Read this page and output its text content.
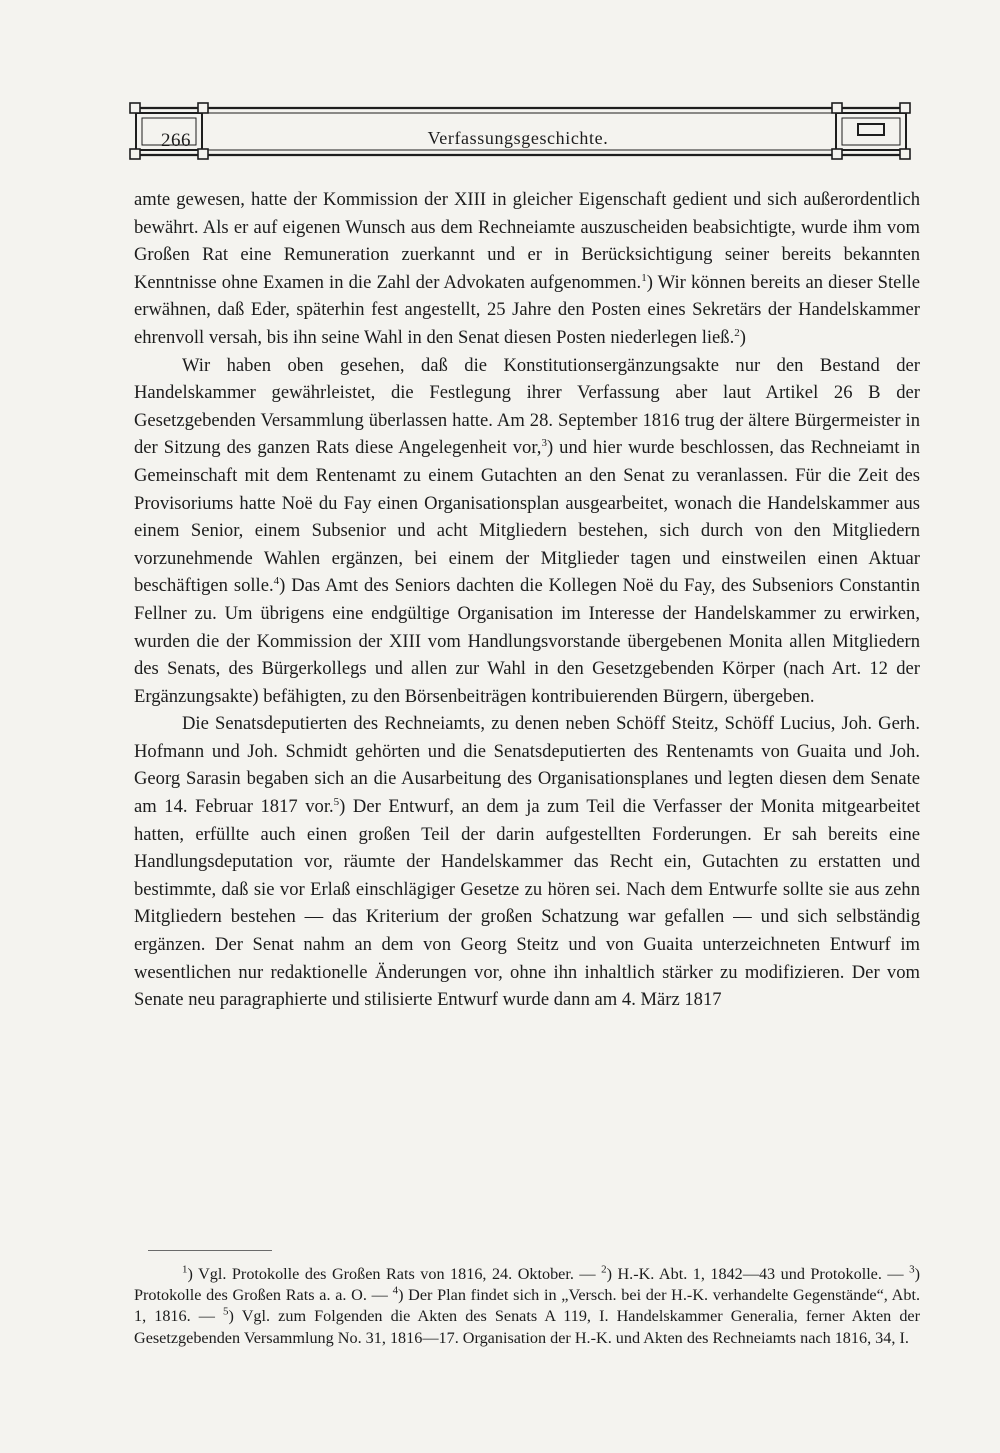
266	Verfassungsgeschichte.

amte gewesen, hatte der Kommission der XIII in gleicher Eigenschaft gedient und sich außerordentlich bewährt. Als er auf eigenen Wunsch aus dem Rechneiamte auszuscheiden beabsichtigte, wurde ihm vom Großen Rat eine Remuneration zuerkannt und er in Berücksichtigung seiner bereits bekannten Kenntnisse ohne Examen in die Zahl der Advokaten aufgenommen.$^1$) Wir können bereits an dieser Stelle erwähnen, daß Eder, späterhin fest angestellt, 25 Jahre den Posten eines Sekretärs der Handelskammer ehrenvoll versah, bis ihn seine Wahl in den Senat diesen Posten niederlegen ließ.$^2$)

Wir haben oben gesehen, daß die Konstitutionsergänzungsakte nur den Bestand der Handelskammer gewährleistet, die Festlegung ihrer Verfassung aber laut Artikel 26 B der Gesetzgebenden Versammlung überlassen hatte. Am 28. September 1816 trug der ältere Bürgermeister in der Sitzung des ganzen Rats diese Angelegenheit vor,$^3$) und hier wurde beschlossen, das Rechneiamt in Gemeinschaft mit dem Rentenamt zu einem Gutachten an den Senat zu veranlassen. Für die Zeit des Provisoriums hatte Noë du Fay einen Organisationsplan ausgearbeitet, wonach die Handelskammer aus einem Senior, einem Subsenior und acht Mitgliedern bestehen, sich durch von den Mitgliedern vorzunehmende Wahlen ergänzen, bei einem der Mitglieder tagen und einstweilen einen Aktuar beschäftigen solle.$^4$) Das Amt des Seniors dachten die Kollegen Noë du Fay, des Subseniors Constantin Fellner zu. Um übrigens eine endgültige Organisation im Interesse der Handelskammer zu erwirken, wurden die der Kommission der XIII vom Handlungsvorstande übergebenen Monita allen Mitgliedern des Senats, des Bürgerkollegs und allen zur Wahl in den Gesetzgebenden Körper (nach Art. 12 der Ergänzungsakte) befähigten, zu den Börsenbeiträgen kontribuierenden Bürgern, übergeben.

Die Senatsdeputierten des Rechneiamts, zu denen neben Schöff Steitz, Schöff Lucius, Joh. Gerh. Hofmann und Joh. Schmidt gehörten und die Senatsdeputierten des Rentenamts von Guaita und Joh. Georg Sarasin begaben sich an die Ausarbeitung des Organisationsplanes und legten diesen dem Senate am 14. Februar 1817 vor.$^5$) Der Entwurf, an dem ja zum Teil die Verfasser der Monita mitgearbeitet hatten, erfüllte auch einen großen Teil der darin aufgestellten Forderungen. Er sah bereits eine Handlungsdeputation vor, räumte der Handelskammer das Recht ein, Gutachten zu erstatten und bestimmte, daß sie vor Erlaß einschlägiger Gesetze zu hören sei. Nach dem Entwurfe sollte sie aus zehn Mitgliedern bestehen — das Kriterium der großen Schatzung war gefallen — und sich selbständig ergänzen. Der Senat nahm an dem von Georg Steitz und von Guaita unterzeichneten Entwurf im wesentlichen nur redaktionelle Änderungen vor, ohne ihn inhaltlich stärker zu modifizieren. Der vom Senate neu paragraphierte und stilisierte Entwurf wurde dann am 4. März 1817

$^1$) Vgl. Protokolle des Großen Rats von 1816, 24. Oktober. — $^2$) H.-K. Abt. 1, 1842—43 und Protokolle. — $^3$) Protokolle des Großen Rats a. a. O. — $^4$) Der Plan findet sich in „Versch. bei der H.-K. verhandelte Gegenstände“, Abt. 1, 1816. — $^5$) Vgl. zum Folgenden die Akten des Senats A 119, I. Handelskammer Generalia, ferner Akten der Gesetzgebenden Versammlung No. 31, 1816—17. Organisation der H.-K. und Akten des Rechneiamts nach 1816, 34, I.
